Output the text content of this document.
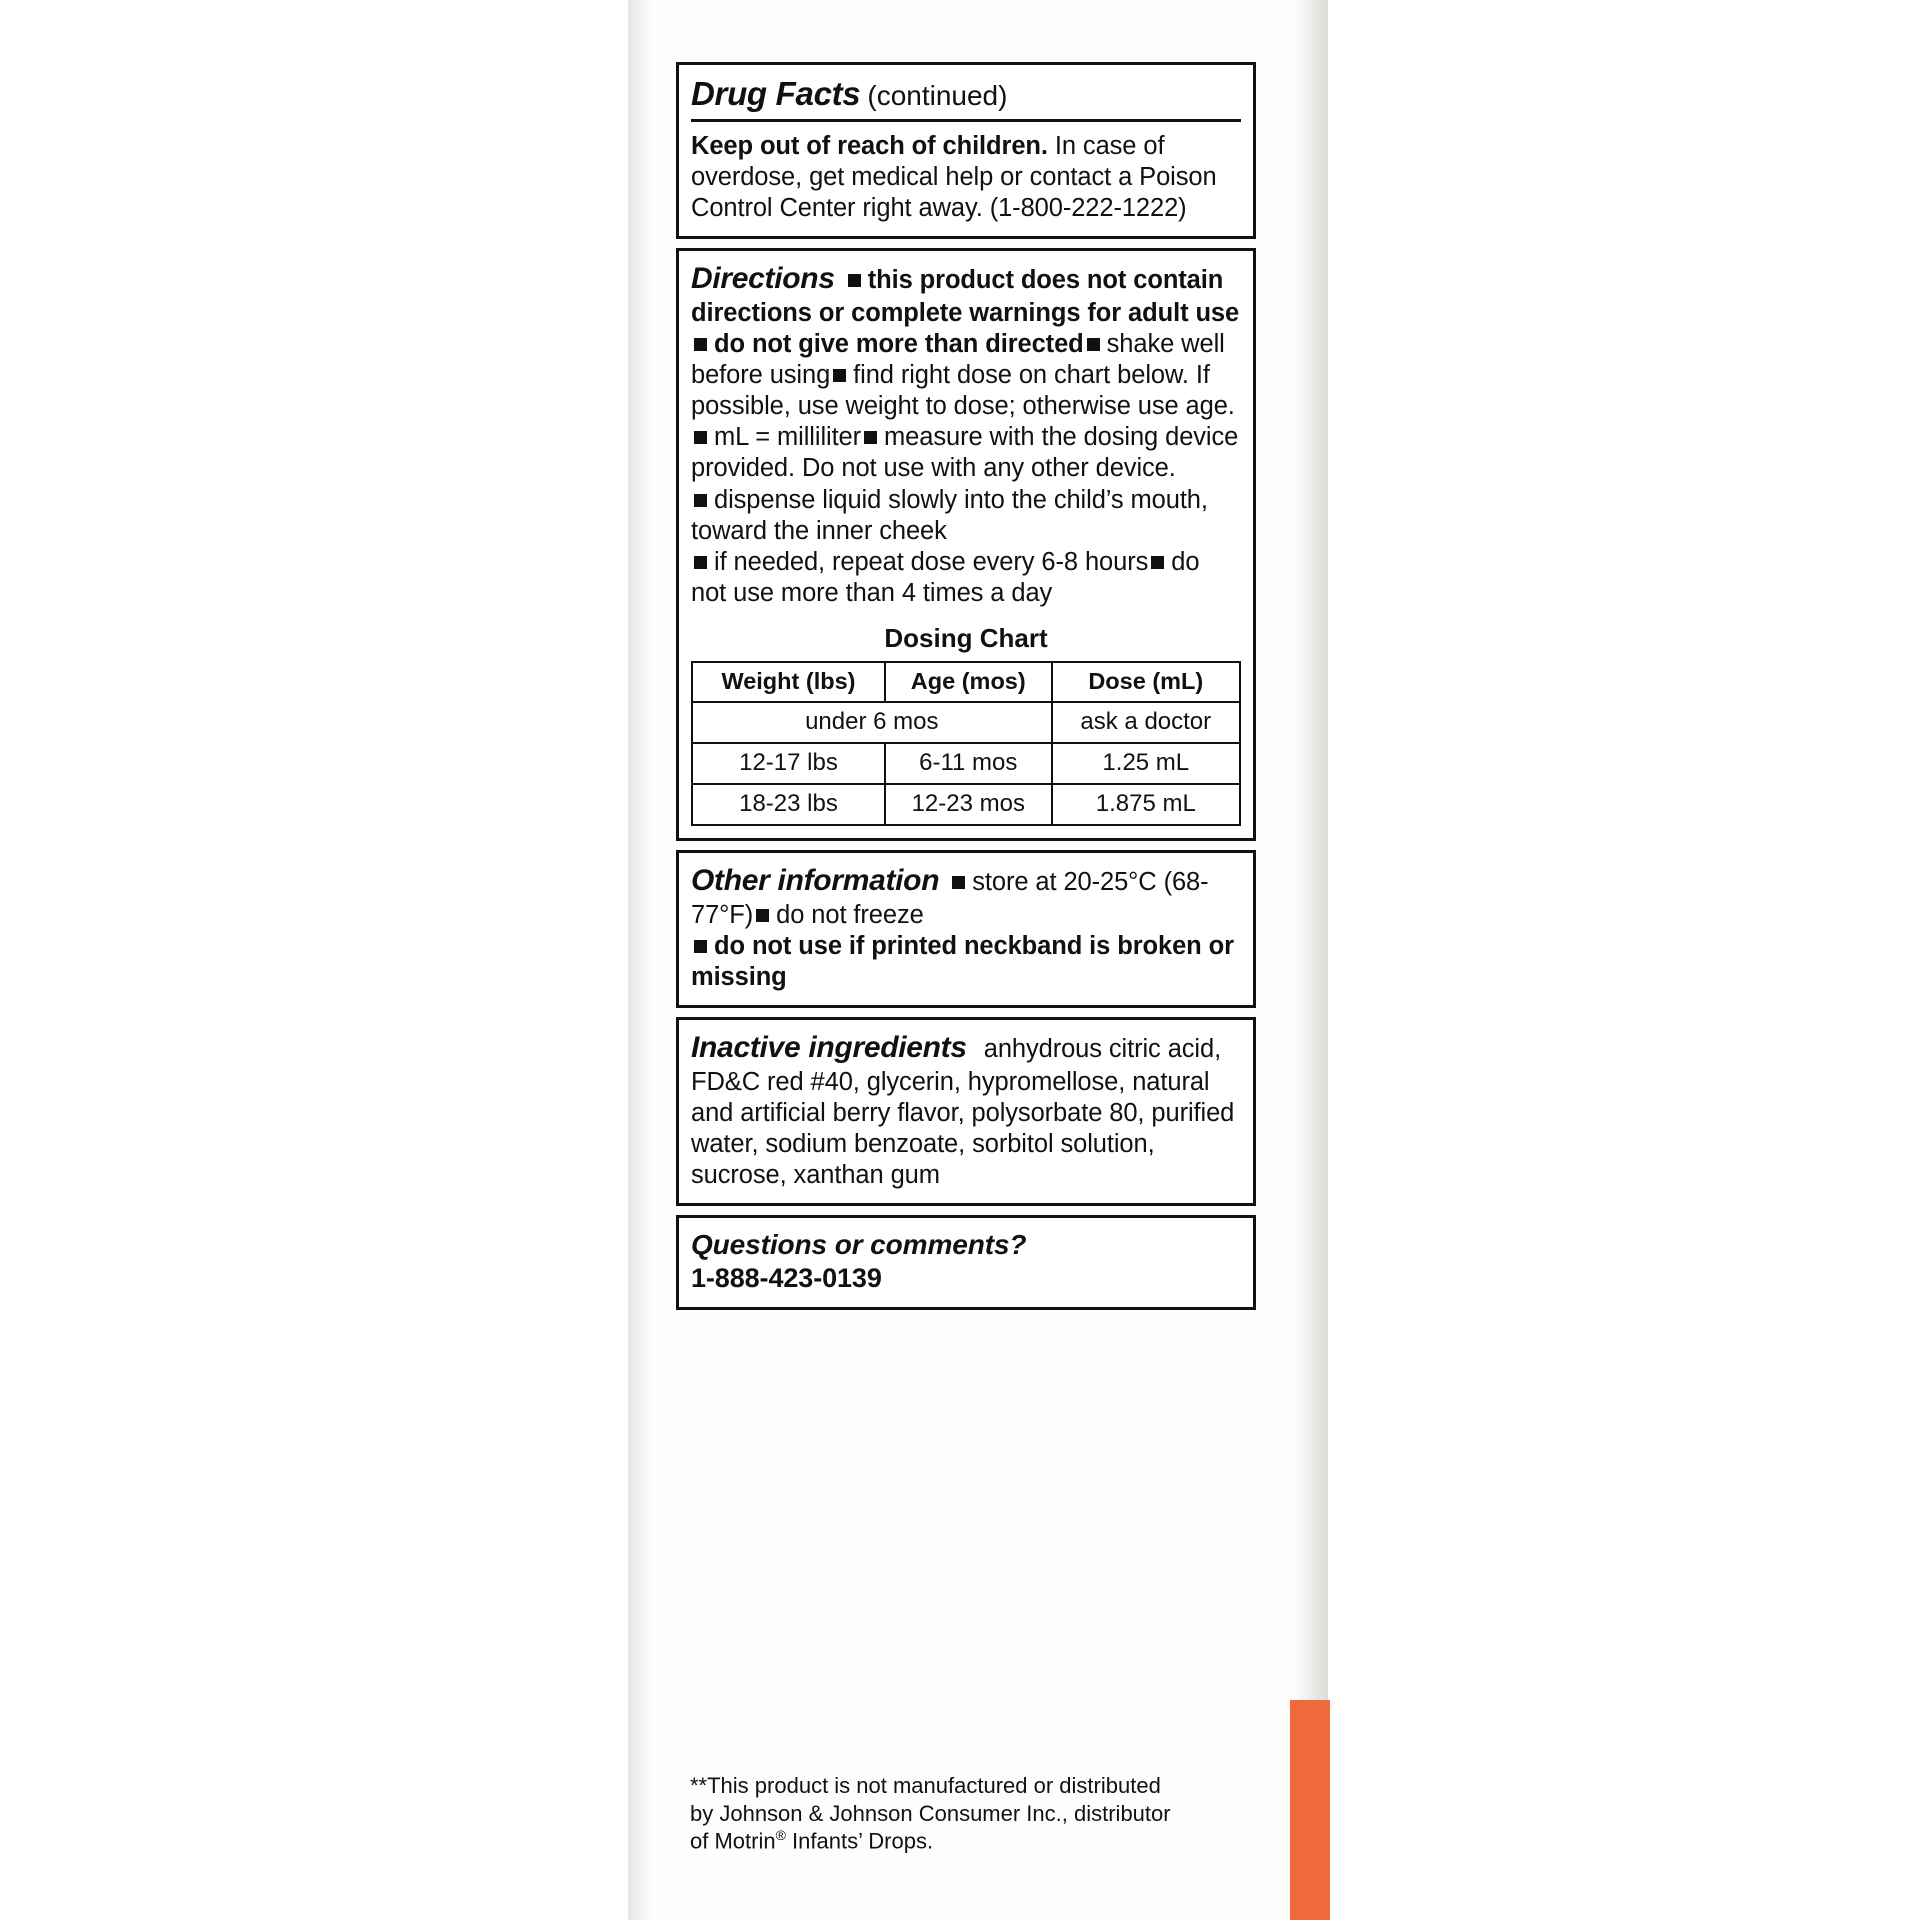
Drug Facts (continued)

Keep out of reach of children. In case of overdose, get medical help or contact a Poison Control Center right away. (1-800-222-1222)

Directions this product does not contain directions or complete warnings for adult usedo not give more than directed shake well before using find right dose on chart below. If possible, use weight to dose; otherwise use age.

mL = milliliter measure with the dosing device provided. Do not use with any other device.

dispense liquid slowly into the child’s mouth, toward the inner cheek

if needed, repeat dose every 6-8 hours do not use more than 4 times a day

Dosing Chart
Weight (lbs)	Age (mos)	Dose (mL)
under 6 mos		ask a doctor
12-17 lbs	6-11 mos	1.25 mL
18-23 lbs	12-23 mos	1.875 mL

Other information store at 20-25°C (68-77°F) do not freeze

do not use if printed neckband is broken or missing

Inactive ingredients anhydrous citric acid, FD&C red #40, glycerin, hypromellose, natural and artificial berry flavor, polysorbate 80, purified water, sodium benzoate, sorbitol solution, sucrose, xanthan gum

Questions or comments?

1-888-423-0139

**This product is not manufactured or distributed

by Johnson & Johnson Consumer Inc., distributor

of Motrin® Infants’ Drops.
